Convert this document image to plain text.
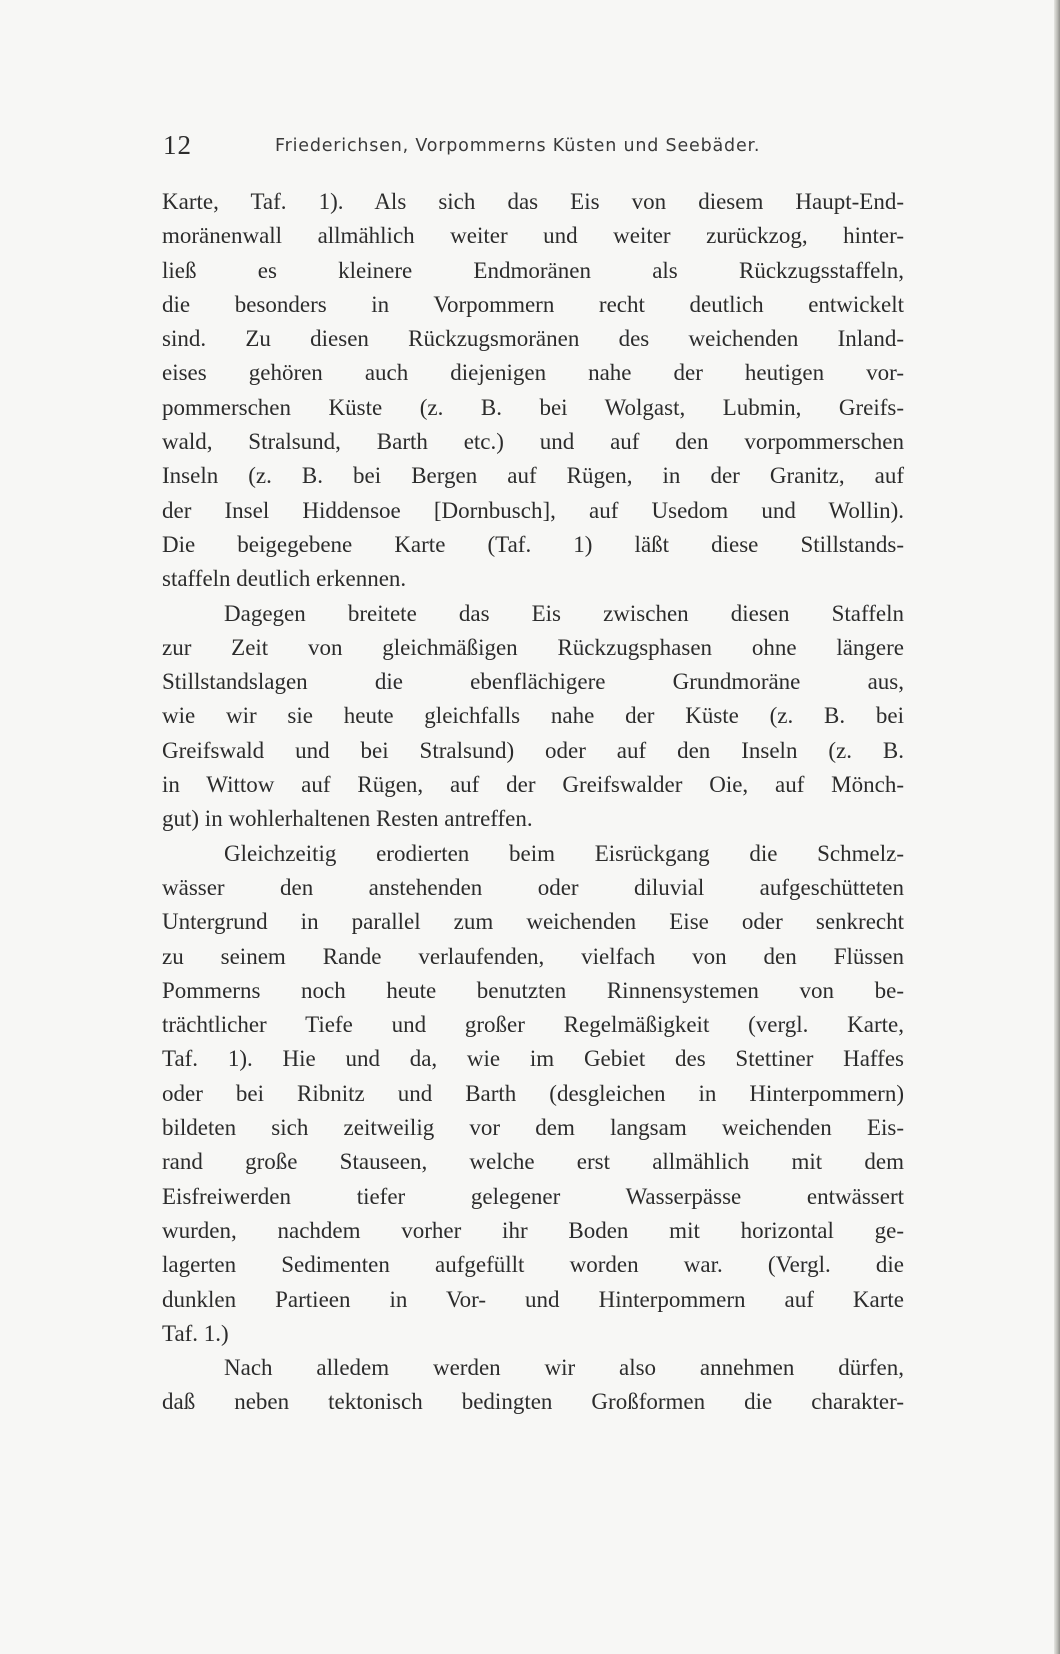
12	Friederichsen, Vorpommerns Küsten und Seebäder.
Karte, Taf. 1). Als sich das Eis von diesem Haupt-End-
moränenwall allmählich weiter und weiter zurückzog, hinter-
ließ es kleinere Endmoränen als Rückzugsstaffeln,
die besonders in Vorpommern recht deutlich entwickelt
sind. Zu diesen Rückzugsmoränen des weichenden Inland-
eises gehören auch diejenigen nahe der heutigen vor-
pommerschen Küste (z. B. bei Wolgast, Lubmin, Greifs-
wald, Stralsund, Barth etc.) und auf den vorpommerschen
Inseln (z. B. bei Bergen auf Rügen, in der Granitz, auf
der Insel Hiddensoe [Dornbusch], auf Usedom und Wollin).
Die beigegebene Karte (Taf. 1) läßt diese Stillstands-
staffeln deutlich erkennen.
Dagegen breitete das Eis zwischen diesen Staffeln
zur Zeit von gleichmäßigen Rückzugsphasen ohne längere
Stillstandslagen die ebenflächigere Grundmoräne aus,
wie wir sie heute gleichfalls nahe der Küste (z. B. bei
Greifswald und bei Stralsund) oder auf den Inseln (z. B.
in Wittow auf Rügen, auf der Greifswalder Oie, auf Mönch-
gut) in wohlerhaltenen Resten antreffen.
Gleichzeitig erodierten beim Eisrückgang die Schmelz-
wässer den anstehenden oder diluvial aufgeschütteten
Untergrund in parallel zum weichenden Eise oder senkrecht
zu seinem Rande verlaufenden, vielfach von den Flüssen
Pommerns noch heute benutzten Rinnensystemen von be-
trächtlicher Tiefe und großer Regelmäßigkeit (vergl. Karte,
Taf. 1). Hie und da, wie im Gebiet des Stettiner Haffes
oder bei Ribnitz und Barth (desgleichen in Hinterpommern)
bildeten sich zeitweilig vor dem langsam weichenden Eis-
rand große Stauseen, welche erst allmählich mit dem
Eisfreiwerden tiefer gelegener Wasserpässe entwässert
wurden, nachdem vorher ihr Boden mit horizontal ge-
lagerten Sedimenten aufgefüllt worden war. (Vergl. die
dunklen Partieen in Vor- und Hinterpommern auf Karte
Taf. 1.)
Nach alledem werden wir also annehmen dürfen,
daß neben tektonisch bedingten Großformen die charakter-
